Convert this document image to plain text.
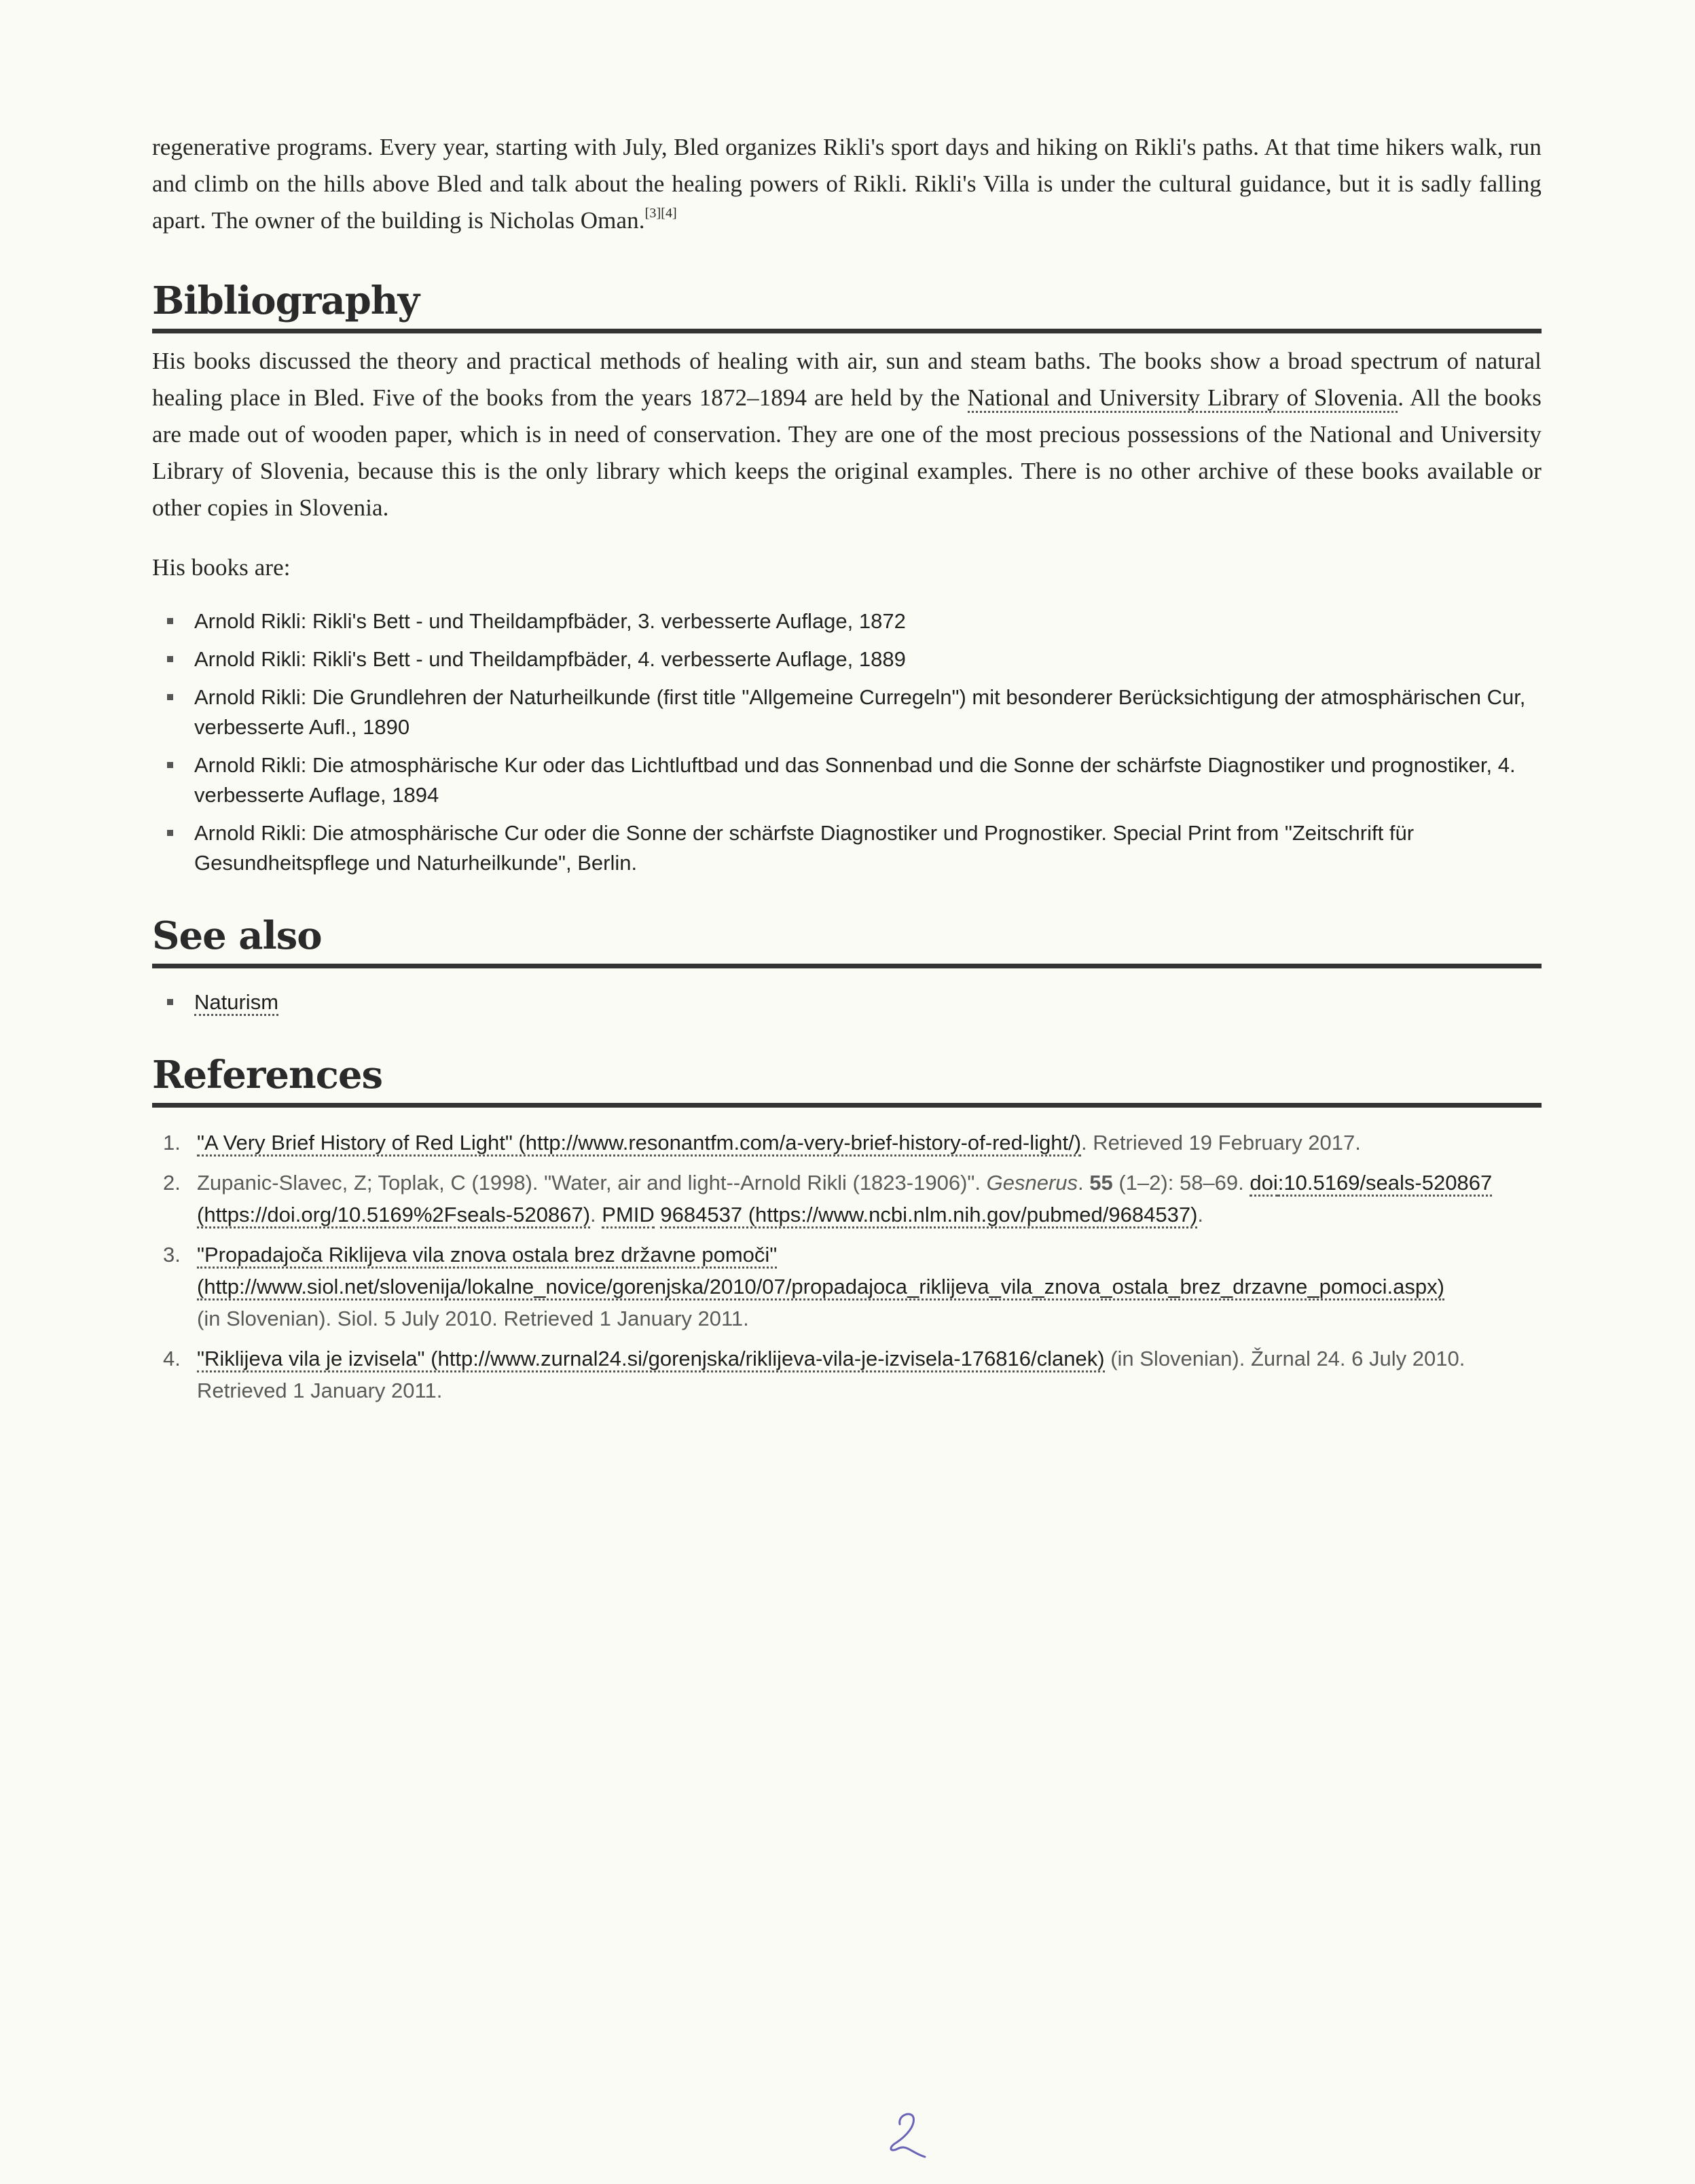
regenerative programs. Every year, starting with July, Bled organizes Rikli's sport days and hiking on Rikli's paths. At that time hikers walk, run and climb on the hills above Bled and talk about the healing powers of Rikli. Rikli's Villa is under the cultural guidance, but it is sadly falling apart. The owner of the building is Nicholas Oman.[3][4]

Bibliography

His books discussed the theory and practical methods of healing with air, sun and steam baths. The books show a broad spectrum of natural healing place in Bled. Five of the books from the years 1872–1894 are held by the National and University Library of Slovenia. All the books are made out of wooden paper, which is in need of conservation. They are one of the most precious possessions of the National and University Library of Slovenia, because this is the only library which keeps the original examples. There is no other archive of these books available or other copies in Slovenia.

His books are:

Arnold Rikli: Rikli's Bett - und Theildampfbäder, 3. verbesserte Auflage, 1872
Arnold Rikli: Rikli's Bett - und Theildampfbäder, 4. verbesserte Auflage, 1889
Arnold Rikli: Die Grundlehren der Naturheilkunde (first title "Allgemeine Curregeln") mit besonderer Berücksichtigung der atmosphärischen Cur, verbesserte Aufl., 1890
Arnold Rikli: Die atmosphärische Kur oder das Lichtluftbad und das Sonnenbad und die Sonne der schärfste Diagnostiker und prognostiker, 4. verbesserte Auflage, 1894
Arnold Rikli: Die atmosphärische Cur oder die Sonne der schärfste Diagnostiker und Prognostiker. Special Print from "Zeitschrift für Gesundheitspflege und Naturheilkunde", Berlin.
See also
Naturism
References
1. "A Very Brief History of Red Light" (http://www.resonantfm.com/a-very-brief-history-of-red-light/). Retrieved 19 February 2017.
2. Zupanic-Slavec, Z; Toplak, C (1998). "Water, air and light--Arnold Rikli (1823-1906)". Gesnerus. 55 (1–2): 58–69. doi:10.5169/seals-520867 (https://doi.org/10.5169%2Fseals-520867). PMID 9684537 (https://www.ncbi.nlm.nih.gov/pubmed/9684537).
3. "Propadajoča Riklijeva vila znova ostala brez državne pomoči"
(http://www.siol.net/slovenija/lokalne_novice/gorenjska/2010/07/propadajoca_riklijeva_vila_znova_ostala_brez_drzavne_pomoci.aspx)
(in Slovenian). Siol. 5 July 2010. Retrieved 1 January 2011.
4. "Riklijeva vila je izvisela" (http://www.zurnal24.si/gorenjska/riklijeva-vila-je-izvisela-176816/clanek) (in Slovenian). Žurnal 24. 6 July 2010. Retrieved 1 January 2011.
